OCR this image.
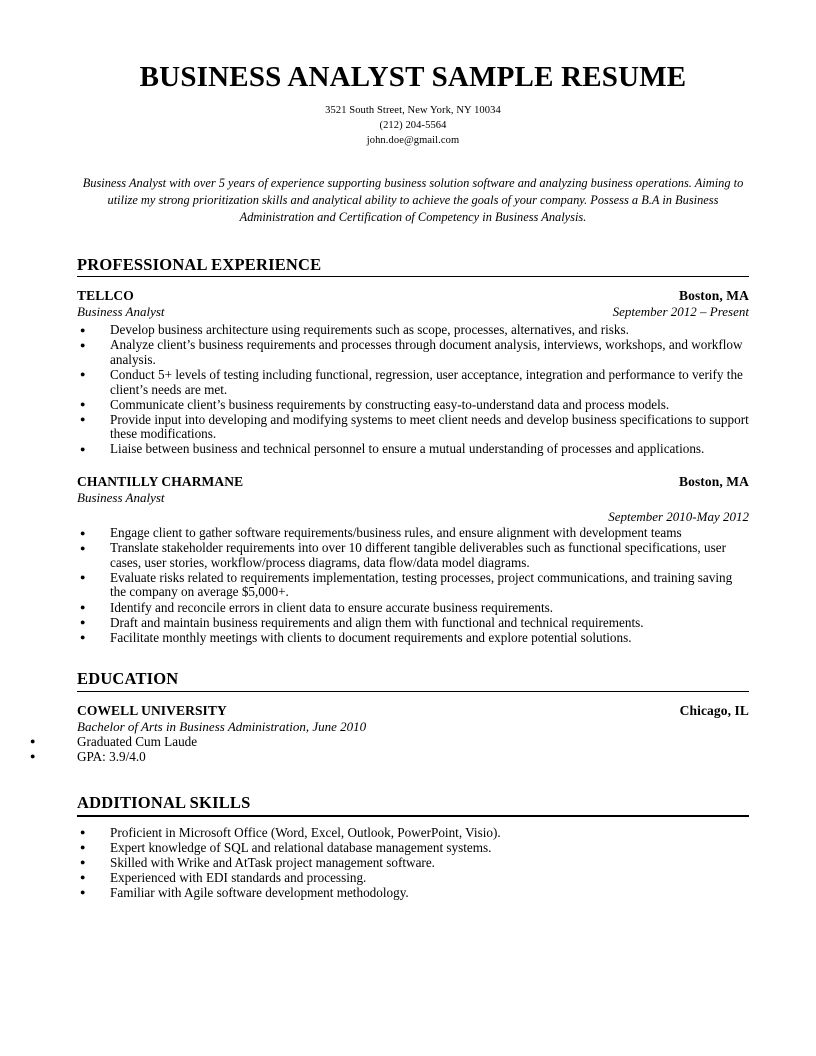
BUSINESS ANALYST SAMPLE RESUME
3521 South Street, New York, NY 10034
(212) 204-5564
john.doe@gmail.com
Business Analyst with over 5 years of experience supporting business solution software and analyzing business operations. Aiming to utilize my strong prioritization skills and analytical ability to achieve the goals of your company. Possess a B.A in Business Administration and Certification of Competency in Business Analysis.
PROFESSIONAL EXPERIENCE
TELLCO	Boston, MA
Business Analyst	September 2012 – Present
● Develop business architecture using requirements such as scope, processes, alternatives, and risks.
● Analyze client’s business requirements and processes through document analysis, interviews, workshops, and workflow analysis.
● Conduct 5+ levels of testing including functional, regression, user acceptance, integration and performance to verify the client’s needs are met.
● Communicate client’s business requirements by constructing easy-to-understand data and process models.
● Provide input into developing and modifying systems to meet client needs and develop business specifications to support these modifications.
● Liaise between business and technical personnel to ensure a mutual understanding of processes and applications.
CHANTILLY CHARMANE	Boston, MA
Business Analyst
September 2010-May 2012
● Engage client to gather software requirements/business rules, and ensure alignment with development teams
● Translate stakeholder requirements into over 10 different tangible deliverables such as functional specifications, user cases, user stories, workflow/process diagrams, data flow/data model diagrams.
● Evaluate risks related to requirements implementation, testing processes, project communications, and training saving the company on average $5,000+.
● Identify and reconcile errors in client data to ensure accurate business requirements.
● Draft and maintain business requirements and align them with functional and technical requirements.
● Facilitate monthly meetings with clients to document requirements and explore potential solutions.
EDUCATION
COWELL UNIVERSITY	Chicago, IL
Bachelor of Arts in Business Administration, June 2010
● Graduated Cum Laude
● GPA: 3.9/4.0
ADDITIONAL SKILLS
● Proficient in Microsoft Office (Word, Excel, Outlook, PowerPoint, Visio).
● Expert knowledge of SQL and relational database management systems.
● Skilled with Wrike and AtTask project management software.
● Experienced with EDI standards and processing.
● Familiar with Agile software development methodology.
